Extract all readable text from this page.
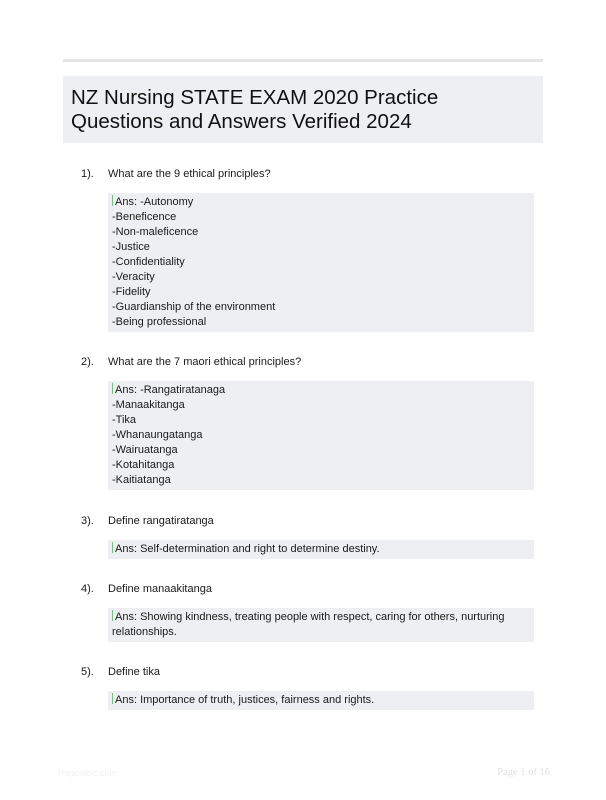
NZ Nursing STATE EXAM 2020 Practice Questions and Answers Verified 2024
1). What are the 9 ethical principles?
Ans: -Autonomy
-Beneficence
-Non-maleficence
-Justice
-Confidentiality
-Veracity
-Fidelity
-Guardianship of the environment
-Being professional
2). What are the 7 maori ethical principles?
Ans: -Rangatiratanaga
-Manaakitanga
-Tika
-Whanaungatanga
-Wairuatanga
-Kotahitanga
-Kaitiatanga
3). Define rangatiratanga
Ans: Self-determination and right to determine destiny.
4). Define manaakitanga
Ans: Showing kindness, treating people with respect, caring for others, nurturing relationships.
5). Define tika
Ans: Importance of truth, justices, fairness and rights.
Paperlibic.com	Page 1 of 16
